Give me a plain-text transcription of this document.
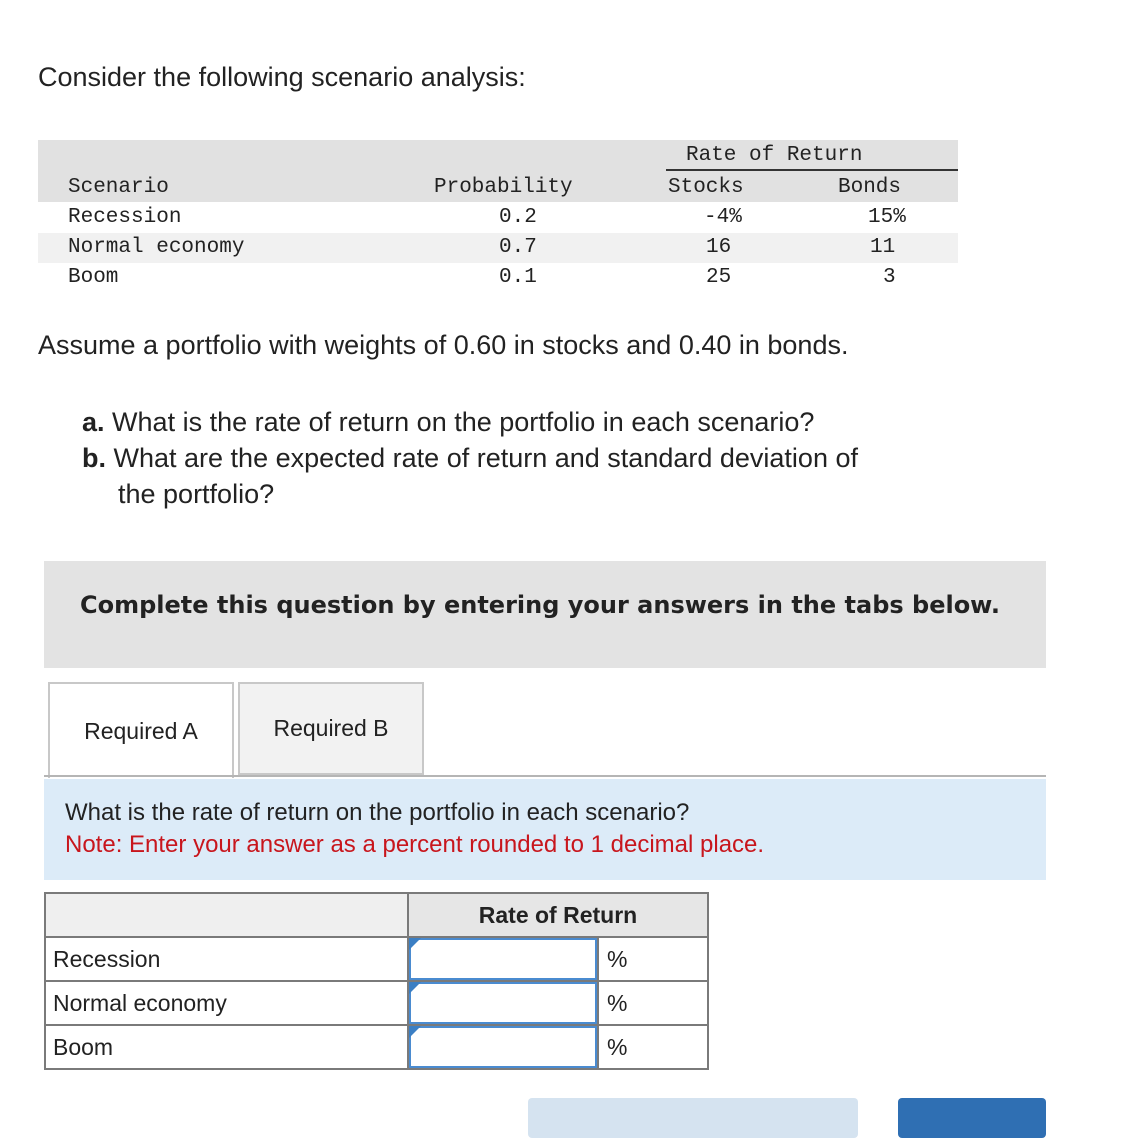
Consider the following scenario analysis:
Rate of Return
Scenario	Probability	Stocks	Bonds
Recession	0.2	-4%	15%
Normal economy	0.7	16	11
Boom	0.1	25	3
Assume a portfolio with weights of 0.60 in stocks and 0.40 in bonds.
a. What is the rate of return on the portfolio in each scenario?
b. What are the expected rate of return and standard deviation of
the portfolio?
Complete this question by entering your answers in the tabs below.
Required A	Required B
What is the rate of return on the portfolio in each scenario?
Note: Enter your answer as a percent rounded to 1 decimal place.
	Rate of Return	
Recession		%
Normal economy		%
Boom		%
